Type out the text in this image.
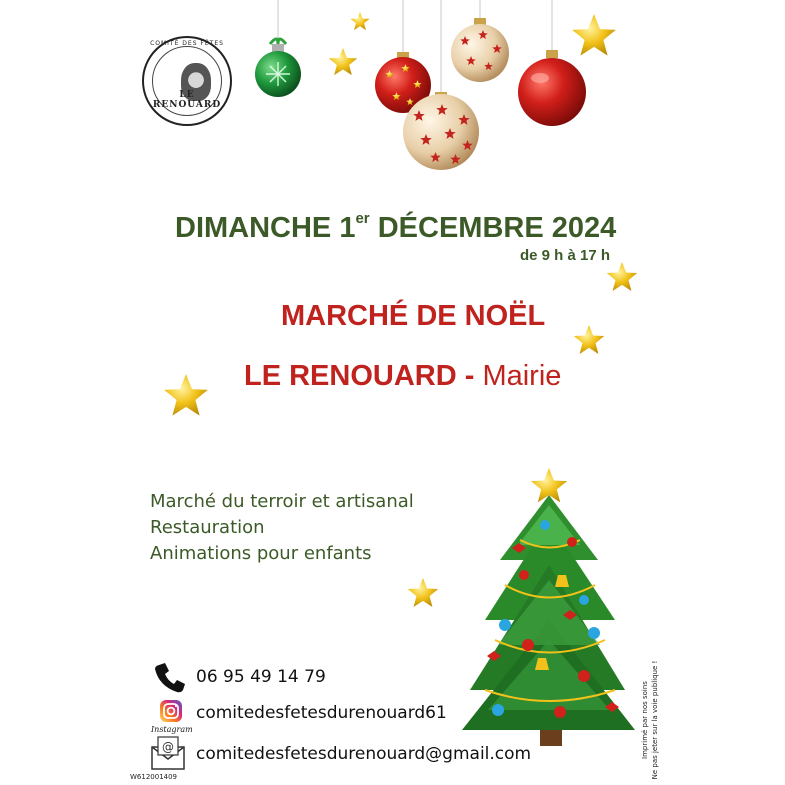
COMITÉ DES FÊTES
LE RENOUARD
@
DIMANCHE 1er DÉCEMBRE 2024
de 9 h à 17 h
MARCHÉ DE NOËL
LE RENOUARD - Mairie
Marché du terroir et artisanal
Restauration
Animations pour enfants
06 95 49 14 79
comitedesfetesdurenouard61
Instagram
comitedesfetesdurenouard@gmail.com
W612001409
Imprimé par nos soins Ne pas jeter sur la voie publique !
